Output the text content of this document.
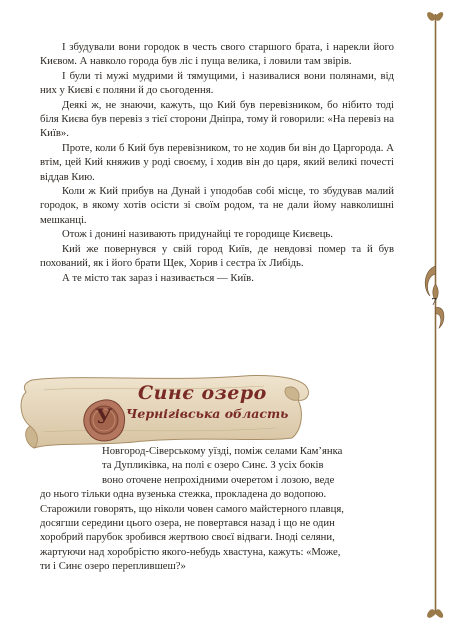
І збудували вони городок в честь свого старшого брата, і нарекли його Києвом. А навколо города був ліс і пуща велика, і ловили там звірів.

І були ті мужі мудрими й тямущими, і називалися вони полянами, від них у Києві є поляни й до сьогодення.

Деякі ж, не знаючи, кажуть, що Кий був перевізником, бо нібито тоді біля Києва був перевіз з тієї сторони Дніпра, тому й говорили: «На перевіз на Київ».

Проте, коли б Кий був перевізником, то не ходив би він до Царгорода. А втім, цей Кий княжив у роді своєму, і ходив він до царя, який великі почесті віддав Кию.

Коли ж Кий прибув на Дунай і уподобав собі місце, то збудував малий городок, в якому хотів осісти зі своїм родом, та не дали йому навколишні мешканці.

Отож і донині називають придунайці те городище Києвець.

Кий же повернувся у свій город Київ, де невдовзі помер та й був похований, як і його брати Щек, Хорив і сестра їх Либідь.

А те місто так зараз і називається — Київ.

7
Синє озеро
Чернігівська область
У
Новгород-Сіверському уїзді, поміж селами Кам’янка
та Дупликівка, на полі є озеро Синє. З усіх боків
воно оточене непрохідними очеретом і лозою, веде
до нього тільки одна вузенька стежка, прокладена до водопою.
Старожили говорять, що ніколи човен самого майстерного плавця,
досягши середини цього озера, не повертався назад і що не один
хоробрий парубок зробився жертвою своєї відваги. Іноді селяни,
жартуючи над хоробрістю якого-небудь хвастуна, кажуть: «Може,
ти і Синє озеро переплившеш?»
